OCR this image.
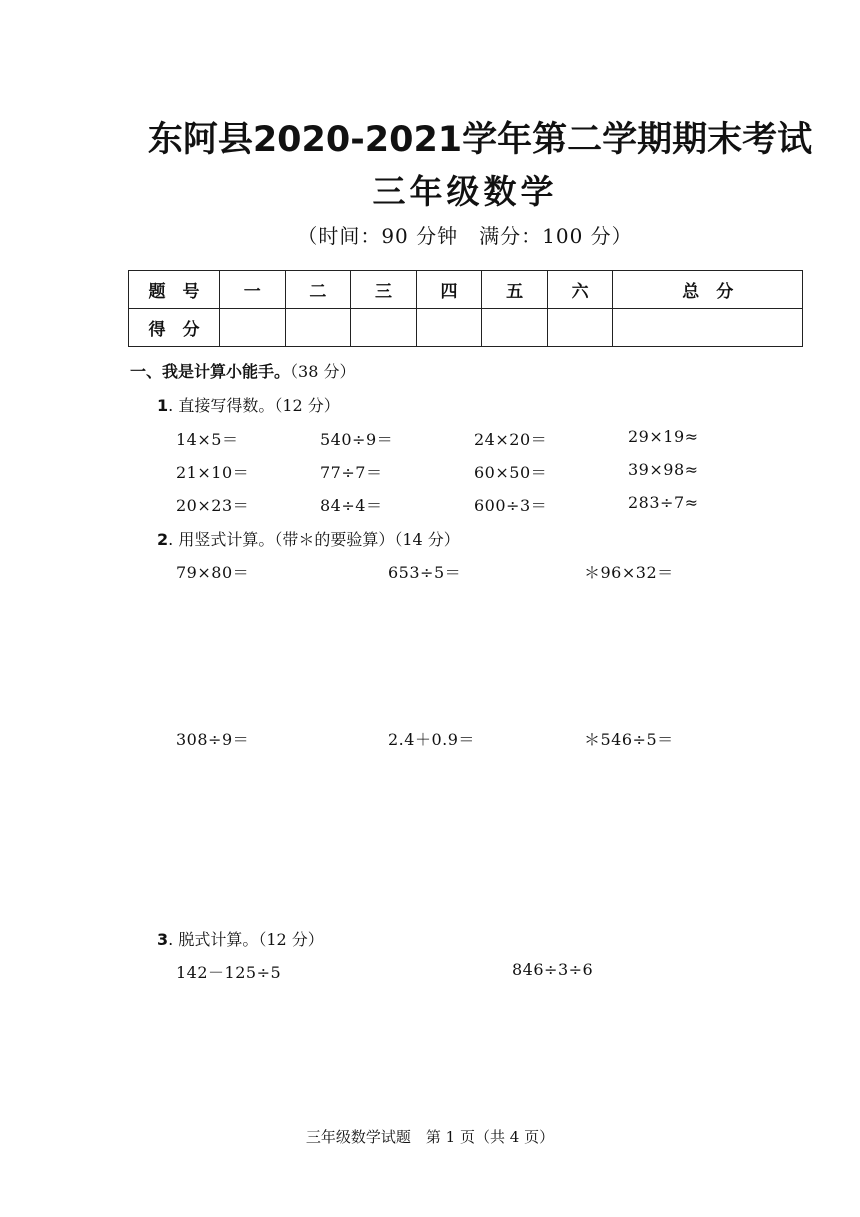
东阿县2020-2021学年第二学期期末考试
三年级数学
（时间：90 分钟　满分：100 分）
题　号	一	二	三	四	五	六	总　分
得　分							
一、我是计算小能手。（38 分）
1. 直接写得数。（12 分）
14×5＝	540÷9＝	24×20＝	29×19≈
21×10＝	77÷7＝	60×50＝	39×98≈
20×23＝	84÷4＝	600÷3＝	283÷7≈
2. 用竖式计算。（带＊的要验算）（14 分）
79×80＝	653÷5＝	＊96×32＝
308÷9＝	2.4＋0.9＝	＊546÷5＝
3. 脱式计算。（12 分）
142－125÷5	846÷3÷6
三年级数学试题　第 1 页（共 4 页）
